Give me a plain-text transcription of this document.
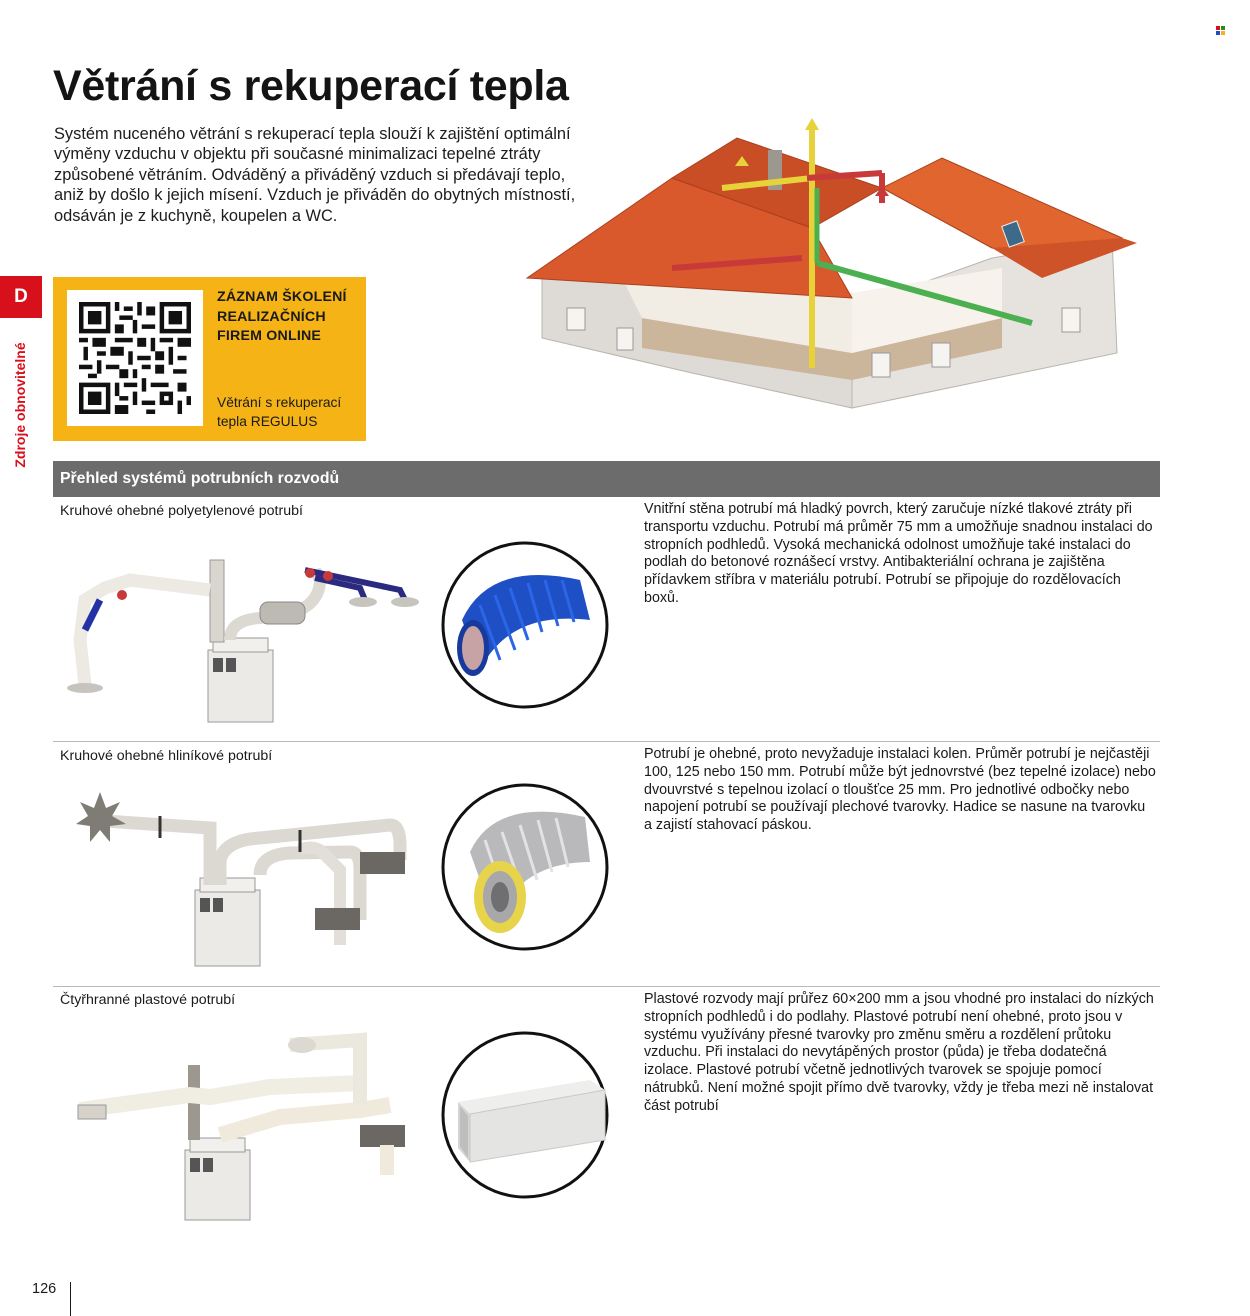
Větrání s rekuperací tepla

Systém nuceného větrání s rekuperací tepla slouží k zajištění optimální výměny vzduchu v objektu při současné minimalizaci tepelné ztráty způsobené větráním. Odváděný a přiváděný vzduch si předávají teplo, aniž by došlo k jejich mísení. Vzduch je přiváděn do obytných místností, odsáván je z kuchyně, koupelen a WC.

D
Zdroje obnovitelné
ZÁZNAM ŠKOLENÍ REALIZAČNÍCH FIREM ONLINE
Větrání s rekuperací tepla REGULUS
Přehled systémů potrubních rozvodů
Kruhové ohebné polyetylenové potrubí	Vnitřní stěna potrubí má hladký povrch, který zaručuje nízké tlakové ztráty při transportu vzduchu. Potrubí má průměr 75 mm a umožňuje snadnou instalaci do stropních podhledů. Vysoká mechanická odolnost umožňuje také instalaci do podlah do betonové roznášecí vrstvy. Antibakteriální ochrana je zajištěna přídavkem stříbra v materiálu potrubí. Potrubí se připojuje do rozdělovacích boxů.

Kruhové ohebné hliníkové potrubí	Potrubí je ohebné, proto nevyžaduje instalaci kolen. Průměr potrubí je nejčastěji 100, 125 nebo 150 mm. Potrubí může být jednovrstvé (bez tepelné izolace) nebo dvouvrstvé s tepelnou izolací o tloušťce 25 mm. Pro jednotlivé odbočky nebo napojení potrubí se používají plechové tvarovky. Hadice se nasune na tvarovku a zajistí stahovací páskou.

Čtyřhranné plastové potrubí	Plastové rozvody mají průřez 60×200 mm a jsou vhodné pro instalaci do nízkých stropních podhledů i do podlahy. Plastové potrubí není ohebné, proto jsou v systému využívány přesné tvarovky pro změnu směru a rozdělení průtoku vzduchu. Při instalaci do nevytápěných prostor (půda) je třeba dodatečná izolace. Plastové potrubí včetně jednotlivých tvarovek se spojuje pomocí nátrubků. Není možné spojit přímo dvě tvarovky, vždy je třeba mezi ně instalovat část potrubí

126
